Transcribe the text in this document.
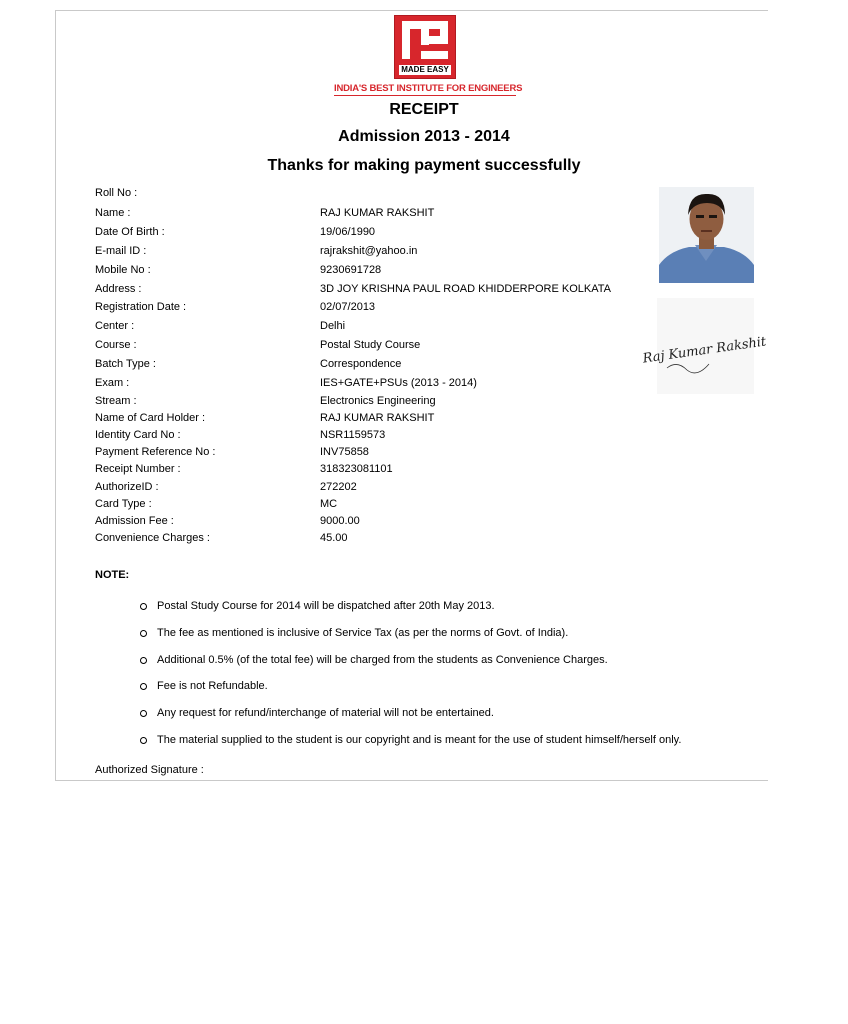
MADE EASY
INDIA'S BEST INSTITUTE FOR ENGINEERS
RECEIPT
Admission 2013 - 2014
Thanks for making payment successfully
Roll No :
Name :	RAJ KUMAR RAKSHIT
Date Of Birth :	19/06/1990
E-mail ID :	rajrakshit@yahoo.in
Mobile No :	9230691728
Address :	3D JOY KRISHNA PAUL ROAD KHIDDERPORE KOLKATA
Registration Date :	02/07/2013
Center :	Delhi
Course :	Postal Study Course
Batch Type :	Correspondence
Exam :	IES+GATE+PSUs (2013 - 2014)
Stream :	Electronics Engineering
Name of Card Holder :	RAJ KUMAR RAKSHIT
Identity Card No :	NSR1159573
Payment Reference No :	INV75858
Receipt Number :	318323081101
AuthorizeID :	272202
Card Type :	MC
Admission Fee :	9000.00
Convenience Charges :	45.00
Raj Kumar Rakshit
NOTE:
Postal Study Course for 2014 will be dispatched after 20th May 2013.
The fee as mentioned is inclusive of Service Tax (as per the norms of Govt. of India).
Additional 0.5% (of the total fee) will be charged from the students as Convenience Charges.
Fee is not Refundable.
Any request for refund/interchange of material will not be entertained.
The material supplied to the student is our copyright and is meant for the use of student himself/herself only.
Authorized Signature :
